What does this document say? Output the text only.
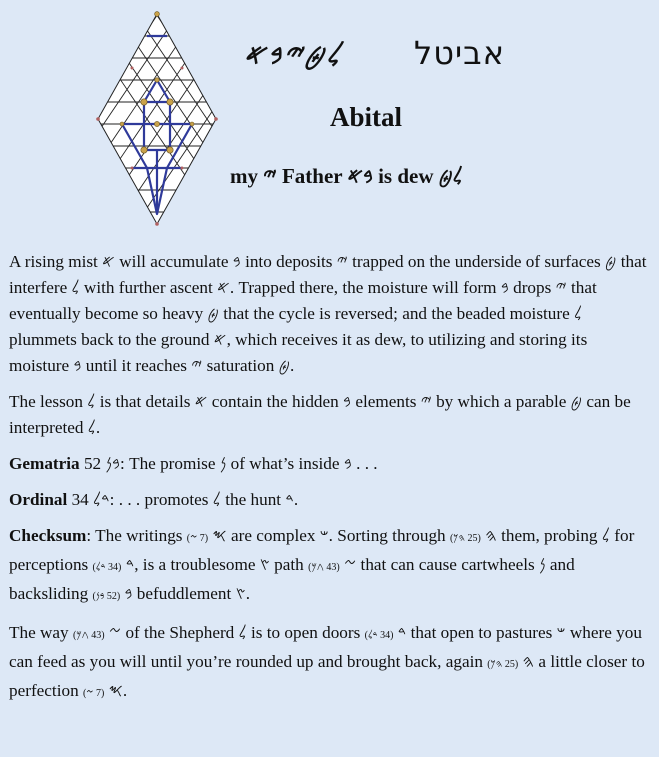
𐤋𐤈𐤉𐤁𐤀 אביטל
Abital
my 𐤉 Father 𐤁𐤀 is dew 𐤋𐤈

A rising mist 𐤀 will accumulate 𐤁 into deposits 𐤉 trapped on the underside of surfaces 𐤈 that interfere 𐤋 with further ascent 𐤀. Trapped there, the moisture will form 𐤁 drops 𐤉 that eventually become so heavy 𐤈 that the cycle is reversed; and the beaded moisture 𐤋 plummets back to the ground 𐤀, which receives it as dew, to utilizing and storing its moisture 𐤁 until it reaches 𐤉 saturation 𐤈.

The lesson 𐤋 is that details 𐤀 contain the hidden 𐤁 elements 𐤉 by which a parable 𐤈 can be interpreted 𐤋.

Gematria 52 𐤁𐤍: The promise 𐤍 of what’s inside 𐤁 . . .

Ordinal 34 𐤃𐤋: . . . promotes 𐤋 the hunt 𐤃.

Checksum: The writings 𐤎 (7 𐤆) are complex 𐤔. Sorting through 𐤄 (25 𐤄𐤊) them, probing 𐤋 for perceptions 𐤃 (34 𐤃𐤋) , is a troublesome 𐤑 path 𐤆 (43 𐤂𐤌) that can cause cartwheels 𐤍 and backsliding 𐤁 (52 𐤁𐤍) befuddlement 𐤑.

The way 𐤆 (43 𐤂𐤌) of the Shepherd 𐤋 is to open doors 𐤃 (34 𐤃𐤋) that open to pastures 𐤔 where you can feed as you will until you’re rounded up and brought back, again 𐤄 (25 𐤄𐤊) a little closer to perfection 𐤎 (7 𐤆) .
